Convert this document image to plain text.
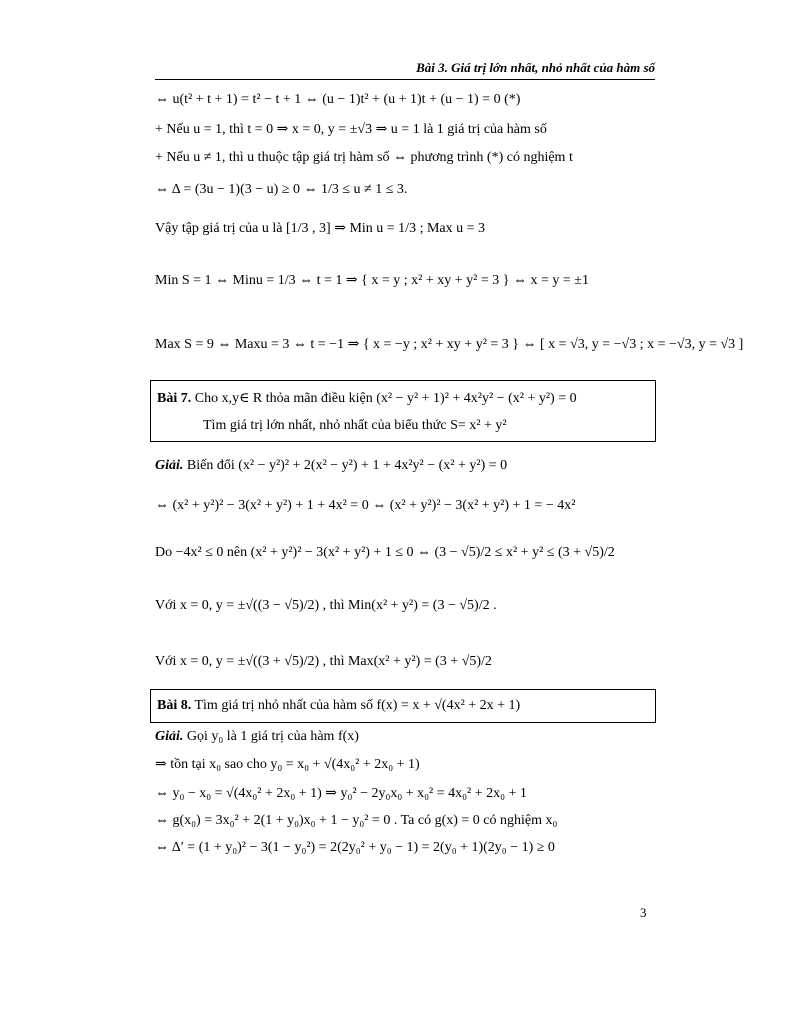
Bài 3. Giá trị lớn nhất, nhỏ nhất của hàm số
⇔ u(t² + t + 1) = t² − t + 1 ⇔ (u − 1)t² + (u + 1)t + (u − 1) = 0 (*)
+ Nếu u = 1, thì t = 0 ⇒ x = 0, y = ±√3 ⇒ u = 1 là 1 giá trị của hàm số
+ Nếu u ≠ 1, thì u thuộc tập giá trị hàm số ⇔ phương trình (*) có nghiệm t
⇔ Δ = (3u − 1)(3 − u) ≥ 0 ⇔ 1/3 ≤ u ≠ 1 ≤ 3.
Vậy tập giá trị của u là [1/3 , 3] ⇒ Min u = 1/3 ; Max u = 3
Min S = 1 ⇔ Minu = 1/3 ⇔ t = 1 ⇒ { x = y ; x² + xy + y² = 3 } ⇔ x = y = ±1
Max S = 9 ⇔ Maxu = 3 ⇔ t = −1 ⇒ { x = −y ; x² + xy + y² = 3 } ⇔ [ x = √3, y = −√3 ; x = −√3, y = √3 ]
Bài 7. Cho x,y∈ R thỏa mãn điều kiện (x² − y² + 1)² + 4x²y² − (x² + y²) = 0
Tìm giá trị lớn nhất, nhỏ nhất của biểu thức S= x² + y²
Giải. Biến đổi (x² − y²)² + 2(x² − y²) + 1 + 4x²y² − (x² + y²) = 0
⇔ (x² + y²)² − 3(x² + y²) + 1 + 4x² = 0 ⇔ (x² + y²)² − 3(x² + y²) + 1 = − 4x²
Do −4x² ≤ 0 nên (x² + y²)² − 3(x² + y²) + 1 ≤ 0 ⇔ (3 − √5)/2 ≤ x² + y² ≤ (3 + √5)/2
Với x = 0, y = ±√((3 − √5)/2) , thì Min(x² + y²) = (3 − √5)/2 .
Với x = 0, y = ±√((3 + √5)/2) , thì Max(x² + y²) = (3 + √5)/2
Bài 8. Tìm giá trị nhỏ nhất của hàm số f(x) = x + √(4x² + 2x + 1)
Giải. Gọi y₀ là 1 giá trị của hàm f(x)
⇒ tồn tại x₀ sao cho y₀ = x₀ + √(4x₀² + 2x₀ + 1)
⇔ y₀ − x₀ = √(4x₀² + 2x₀ + 1) ⇒ y₀² − 2y₀x₀ + x₀² = 4x₀² + 2x₀ + 1
⇔ g(x₀) = 3x₀² + 2(1 + y₀)x₀ + 1 − y₀² = 0 . Ta có g(x) = 0 có nghiệm x₀
⇔ Δ′ = (1 + y₀)² − 3(1 − y₀²) = 2(2y₀² + y₀ − 1) = 2(y₀ + 1)(2y₀ − 1) ≥ 0
3
